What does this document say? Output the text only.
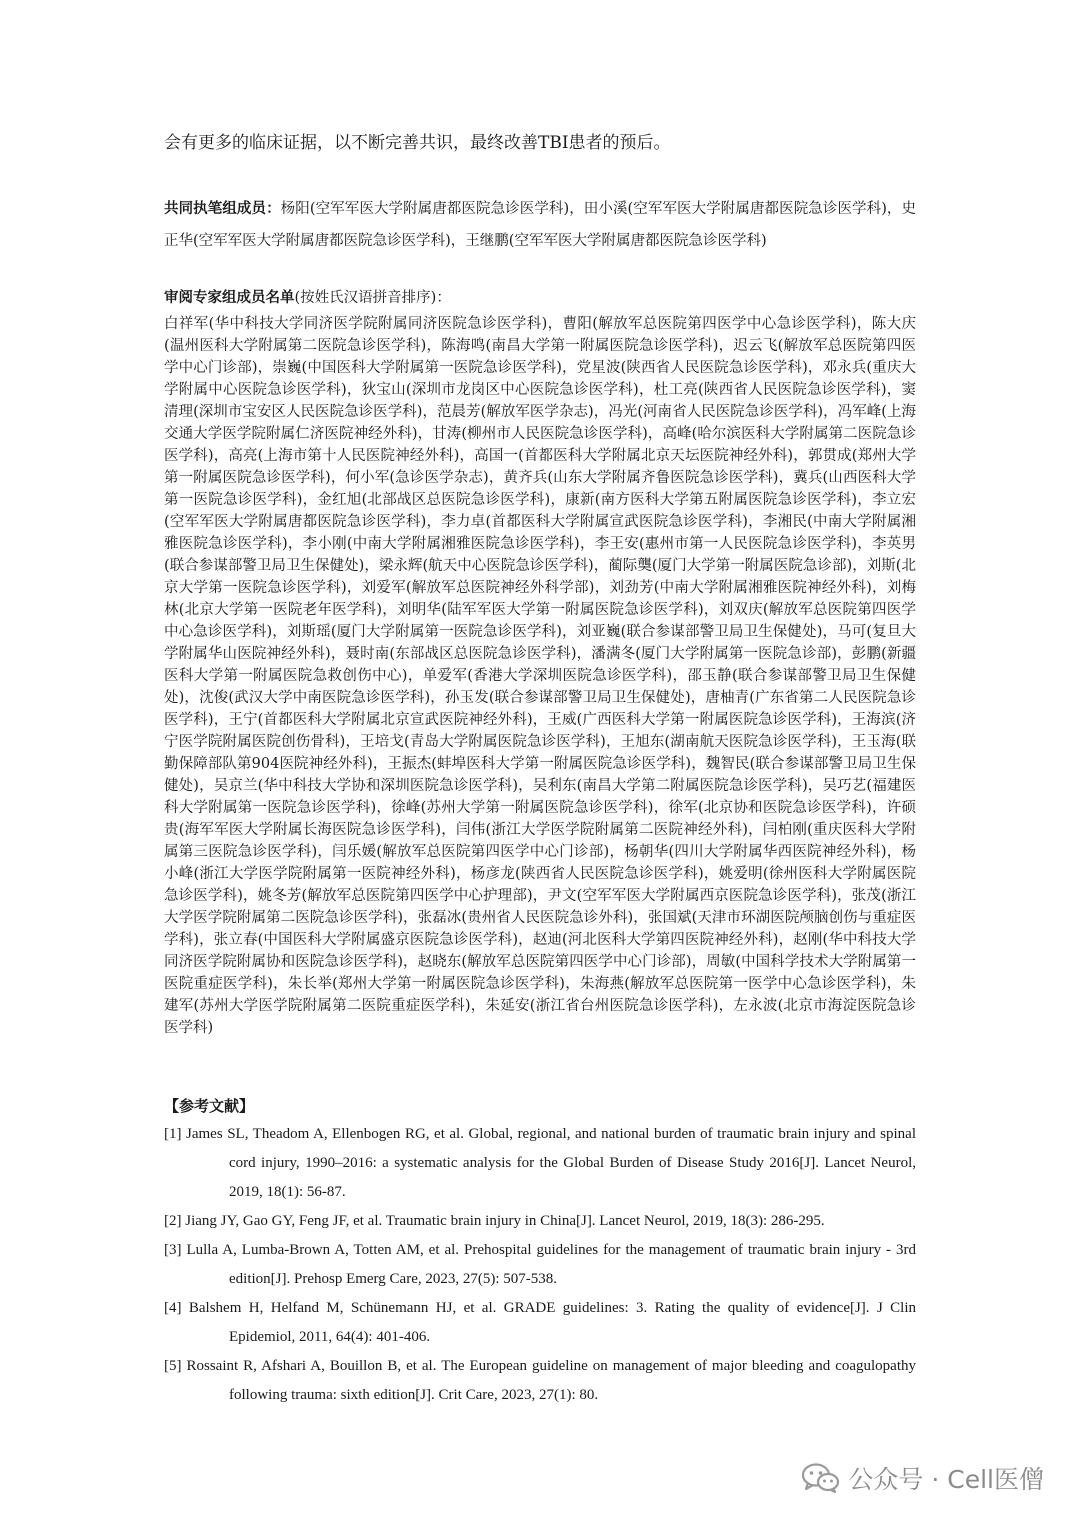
会有更多的临床证据，以不断完善共识，最终改善TBI患者的预后。

共同执笔组成员：杨阳(空军军医大学附属唐都医院急诊医学科)，田小溪(空军军医大学附属唐都医院急诊医学科)，史正华(空军军医大学附属唐都医院急诊医学科)，王继鹏(空军军医大学附属唐都医院急诊医学科)

审阅专家组成员名单(按姓氏汉语拼音排序)：

白祥军(华中科技大学同济医学院附属同济医院急诊医学科)，曹阳(解放军总医院第四医学中心急诊医学科)，陈大庆(温州医科大学附属第二医院急诊医学科)，陈海鸣(南昌大学第一附属医院急诊医学科)，迟云飞(解放军总医院第四医学中心门诊部)，崇巍(中国医科大学附属第一医院急诊医学科)，党星波(陕西省人民医院急诊医学科)，邓永兵(重庆大学附属中心医院急诊医学科)，狄宝山(深圳市龙岗区中心医院急诊医学科)，杜工亮(陕西省人民医院急诊医学科)，窦清理(深圳市宝安区人民医院急诊医学科)，范晨芳(解放军医学杂志)，冯光(河南省人民医院急诊医学科)，冯军峰(上海交通大学医学院附属仁济医院神经外科)，甘涛(柳州市人民医院急诊医学科)，高峰(哈尔滨医科大学附属第二医院急诊医学科)，高亮(上海市第十人民医院神经外科)，高国一(首都医科大学附属北京天坛医院神经外科)，郭贯成(郑州大学第一附属医院急诊医学科)，何小军(急诊医学杂志)，黄齐兵(山东大学附属齐鲁医院急诊医学科)，冀兵(山西医科大学第一医院急诊医学科)，金红旭(北部战区总医院急诊医学科)，康新(南方医科大学第五附属医院急诊医学科)，李立宏(空军军医大学附属唐都医院急诊医学科)，李力卓(首都医科大学附属宣武医院急诊医学科)，李湘民(中南大学附属湘雅医院急诊医学科)，李小刚(中南大学附属湘雅医院急诊医学科)，李王安(惠州市第一人民医院急诊医学科)，李英男(联合参谋部警卫局卫生保健处)，梁永辉(航天中心医院急诊医学科)，蔺际龑(厦门大学第一附属医院急诊部)，刘斯(北京大学第一医院急诊医学科)，刘爱军(解放军总医院神经外科学部)，刘劲芳(中南大学附属湘雅医院神经外科)，刘梅林(北京大学第一医院老年医学科)，刘明华(陆军军医大学第一附属医院急诊医学科)，刘双庆(解放军总医院第四医学中心急诊医学科)，刘斯瑶(厦门大学附属第一医院急诊医学科)，刘亚巍(联合参谋部警卫局卫生保健处)，马可(复旦大学附属华山医院神经外科)，聂时南(东部战区总医院急诊医学科)，潘满冬(厦门大学附属第一医院急诊部)，彭鹏(新疆医科大学第一附属医院急救创伤中心)，单爱军(香港大学深圳医院急诊医学科)，邵玉静(联合参谋部警卫局卫生保健处)，沈俊(武汉大学中南医院急诊医学科)，孙玉发(联合参谋部警卫局卫生保健处)，唐柚青(广东省第二人民医院急诊医学科)，王宁(首都医科大学附属北京宣武医院神经外科)，王威(广西医科大学第一附属医院急诊医学科)，王海滨(济宁医学院附属医院创伤骨科)，王培戈(青岛大学附属医院急诊医学科)，王旭东(湖南航天医院急诊医学科)，王玉海(联勤保障部队第904医院神经外科)，王振杰(蚌埠医科大学第一附属医院急诊医学科)，魏智民(联合参谋部警卫局卫生保健处)，吴京兰(华中科技大学协和深圳医院急诊医学科)，吴利东(南昌大学第二附属医院急诊医学科)，吴巧艺(福建医科大学附属第一医院急诊医学科)，徐峰(苏州大学第一附属医院急诊医学科)，徐军(北京协和医院急诊医学科)，许硕贵(海军军医大学附属长海医院急诊医学科)，闫伟(浙江大学医学院附属第二医院神经外科)，闫柏刚(重庆医科大学附属第三医院急诊医学科)，闫乐媛(解放军总医院第四医学中心门诊部)，杨朝华(四川大学附属华西医院神经外科)，杨小峰(浙江大学医学院附属第一医院神经外科)，杨彦龙(陕西省人民医院急诊医学科)，姚爱明(徐州医科大学附属医院急诊医学科)，姚冬芳(解放军总医院第四医学中心护理部)，尹文(空军军医大学附属西京医院急诊医学科)，张茂(浙江大学医学院附属第二医院急诊医学科)，张磊冰(贵州省人民医院急诊外科)，张国斌(天津市环湖医院颅脑创伤与重症医学科)，张立春(中国医科大学附属盛京医院急诊医学科)，赵迪(河北医科大学第四医院神经外科)，赵刚(华中科技大学同济医学院附属协和医院急诊医学科)，赵晓东(解放军总医院第四医学中心门诊部)，周敏(中国科学技术大学附属第一医院重症医学科)，朱长举(郑州大学第一附属医院急诊医学科)，朱海燕(解放军总医院第一医学中心急诊医学科)，朱建军(苏州大学医学院附属第二医院重症医学科)，朱延安(浙江省台州医院急诊医学科)，左永波(北京市海淀医院急诊医学科)

【参考文献】

[1] James SL, Theadom A, Ellenbogen RG, et al. Global, regional, and national burden of traumatic brain injury and spinal cord injury, 1990–2016: a systematic analysis for the Global Burden of Disease Study 2016[J]. Lancet Neurol, 2019, 18(1): 56-87.
[2] Jiang JY, Gao GY, Feng JF, et al. Traumatic brain injury in China[J]. Lancet Neurol, 2019, 18(3): 286-295.
[3] Lulla A, Lumba-Brown A, Totten AM, et al. Prehospital guidelines for the management of traumatic brain injury - 3rd edition[J]. Prehosp Emerg Care, 2023, 27(5): 507-538.
[4] Balshem H, Helfand M, Schünemann HJ, et al. GRADE guidelines: 3. Rating the quality of evidence[J]. J Clin Epidemiol, 2011, 64(4): 401-406.
[5] Rossaint R, Afshari A, Bouillon B, et al. The European guideline on management of major bleeding and coagulopathy following trauma: sixth edition[J]. Crit Care, 2023, 27(1): 80.
公众号 · Cell医僧
